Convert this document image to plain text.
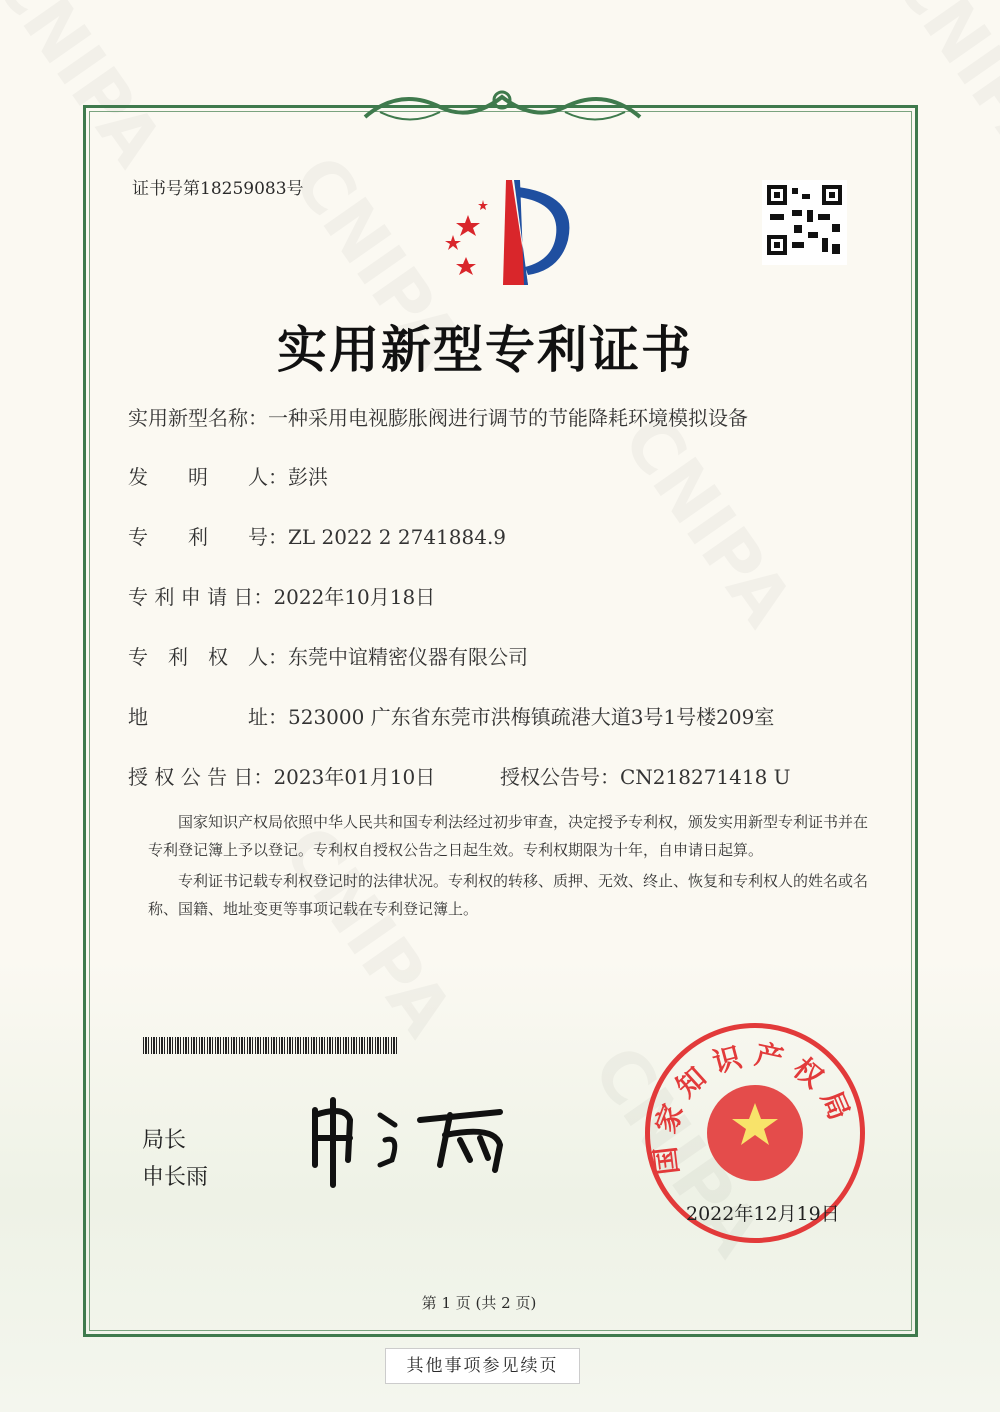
证书号第18259083号
实用新型专利证书
实用新型名称：一种采用电视膨胀阀进行调节的节能降耗环境模拟设备
发　　明　　人：彭洪
专　　利　　号：ZL 2022 2 2741884.9
专 利 申 请 日：2022年10月18日
专　利　权　人：东莞中谊精密仪器有限公司
地　　　　　址：523000 广东省东莞市洪梅镇疏港大道3号1号楼209室
授 权 公 告 日：2023年01月10日	授权公告号：CN218271418 U

国家知识产权局依照中华人民共和国专利法经过初步审查，决定授予专利权，颁发实用新型专利证书并在专利登记簿上予以登记。专利权自授权公告之日起生效。专利权期限为十年，自申请日起算。

专利证书记载专利权登记时的法律状况。专利权的转移、质押、无效、终止、恢复和专利权人的姓名或名称、国籍、地址变更等事项记载在专利登记簿上。

局长
申长雨
国家知识产权局
2022年12月19日
第 1 页 (共 2 页)
其他事项参见续页
